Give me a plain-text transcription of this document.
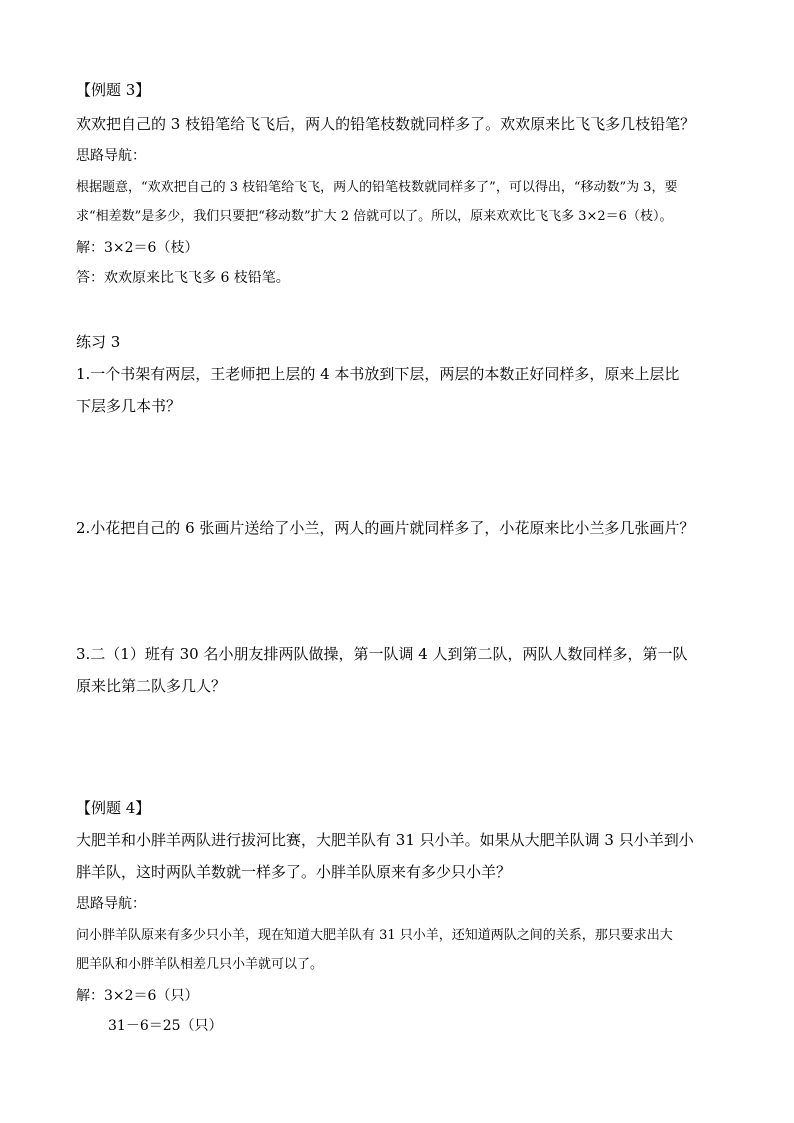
【例题 3】
欢欢把自己的 3 枝铅笔给飞飞后，两人的铅笔枝数就同样多了。欢欢原来比飞飞多几枝铅笔？
思路导航：
根据题意，“欢欢把自己的 3 枝铅笔给飞飞，两人的铅笔枝数就同样多了”，可以得出，“移动数”为 3，要
求“相差数”是多少，我们只要把“移动数”扩大 2 倍就可以了。所以，原来欢欢比飞飞多 3×2＝6（枝）。
解：3×2＝6（枝）
答：欢欢原来比飞飞多 6 枝铅笔。
练习 3
1.一个书架有两层，王老师把上层的 4 本书放到下层，两层的本数正好同样多，原来上层比
下层多几本书？
2.小花把自己的 6 张画片送给了小兰，两人的画片就同样多了，小花原来比小兰多几张画片？
3.二（1）班有 30 名小朋友排两队做操，第一队调 4 人到第二队，两队人数同样多，第一队
原来比第二队多几人？
【例题 4】
大肥羊和小胖羊两队进行拔河比赛，大肥羊队有 31 只小羊。如果从大肥羊队调 3 只小羊到小
胖羊队，这时两队羊数就一样多了。小胖羊队原来有多少只小羊？
思路导航：
问小胖羊队原来有多少只小羊，现在知道大肥羊队有 31 只小羊，还知道两队之间的关系，那只要求出大
肥羊队和小胖羊队相差几只小羊就可以了。
解：3×2＝6（只）
31－6＝25（只）
